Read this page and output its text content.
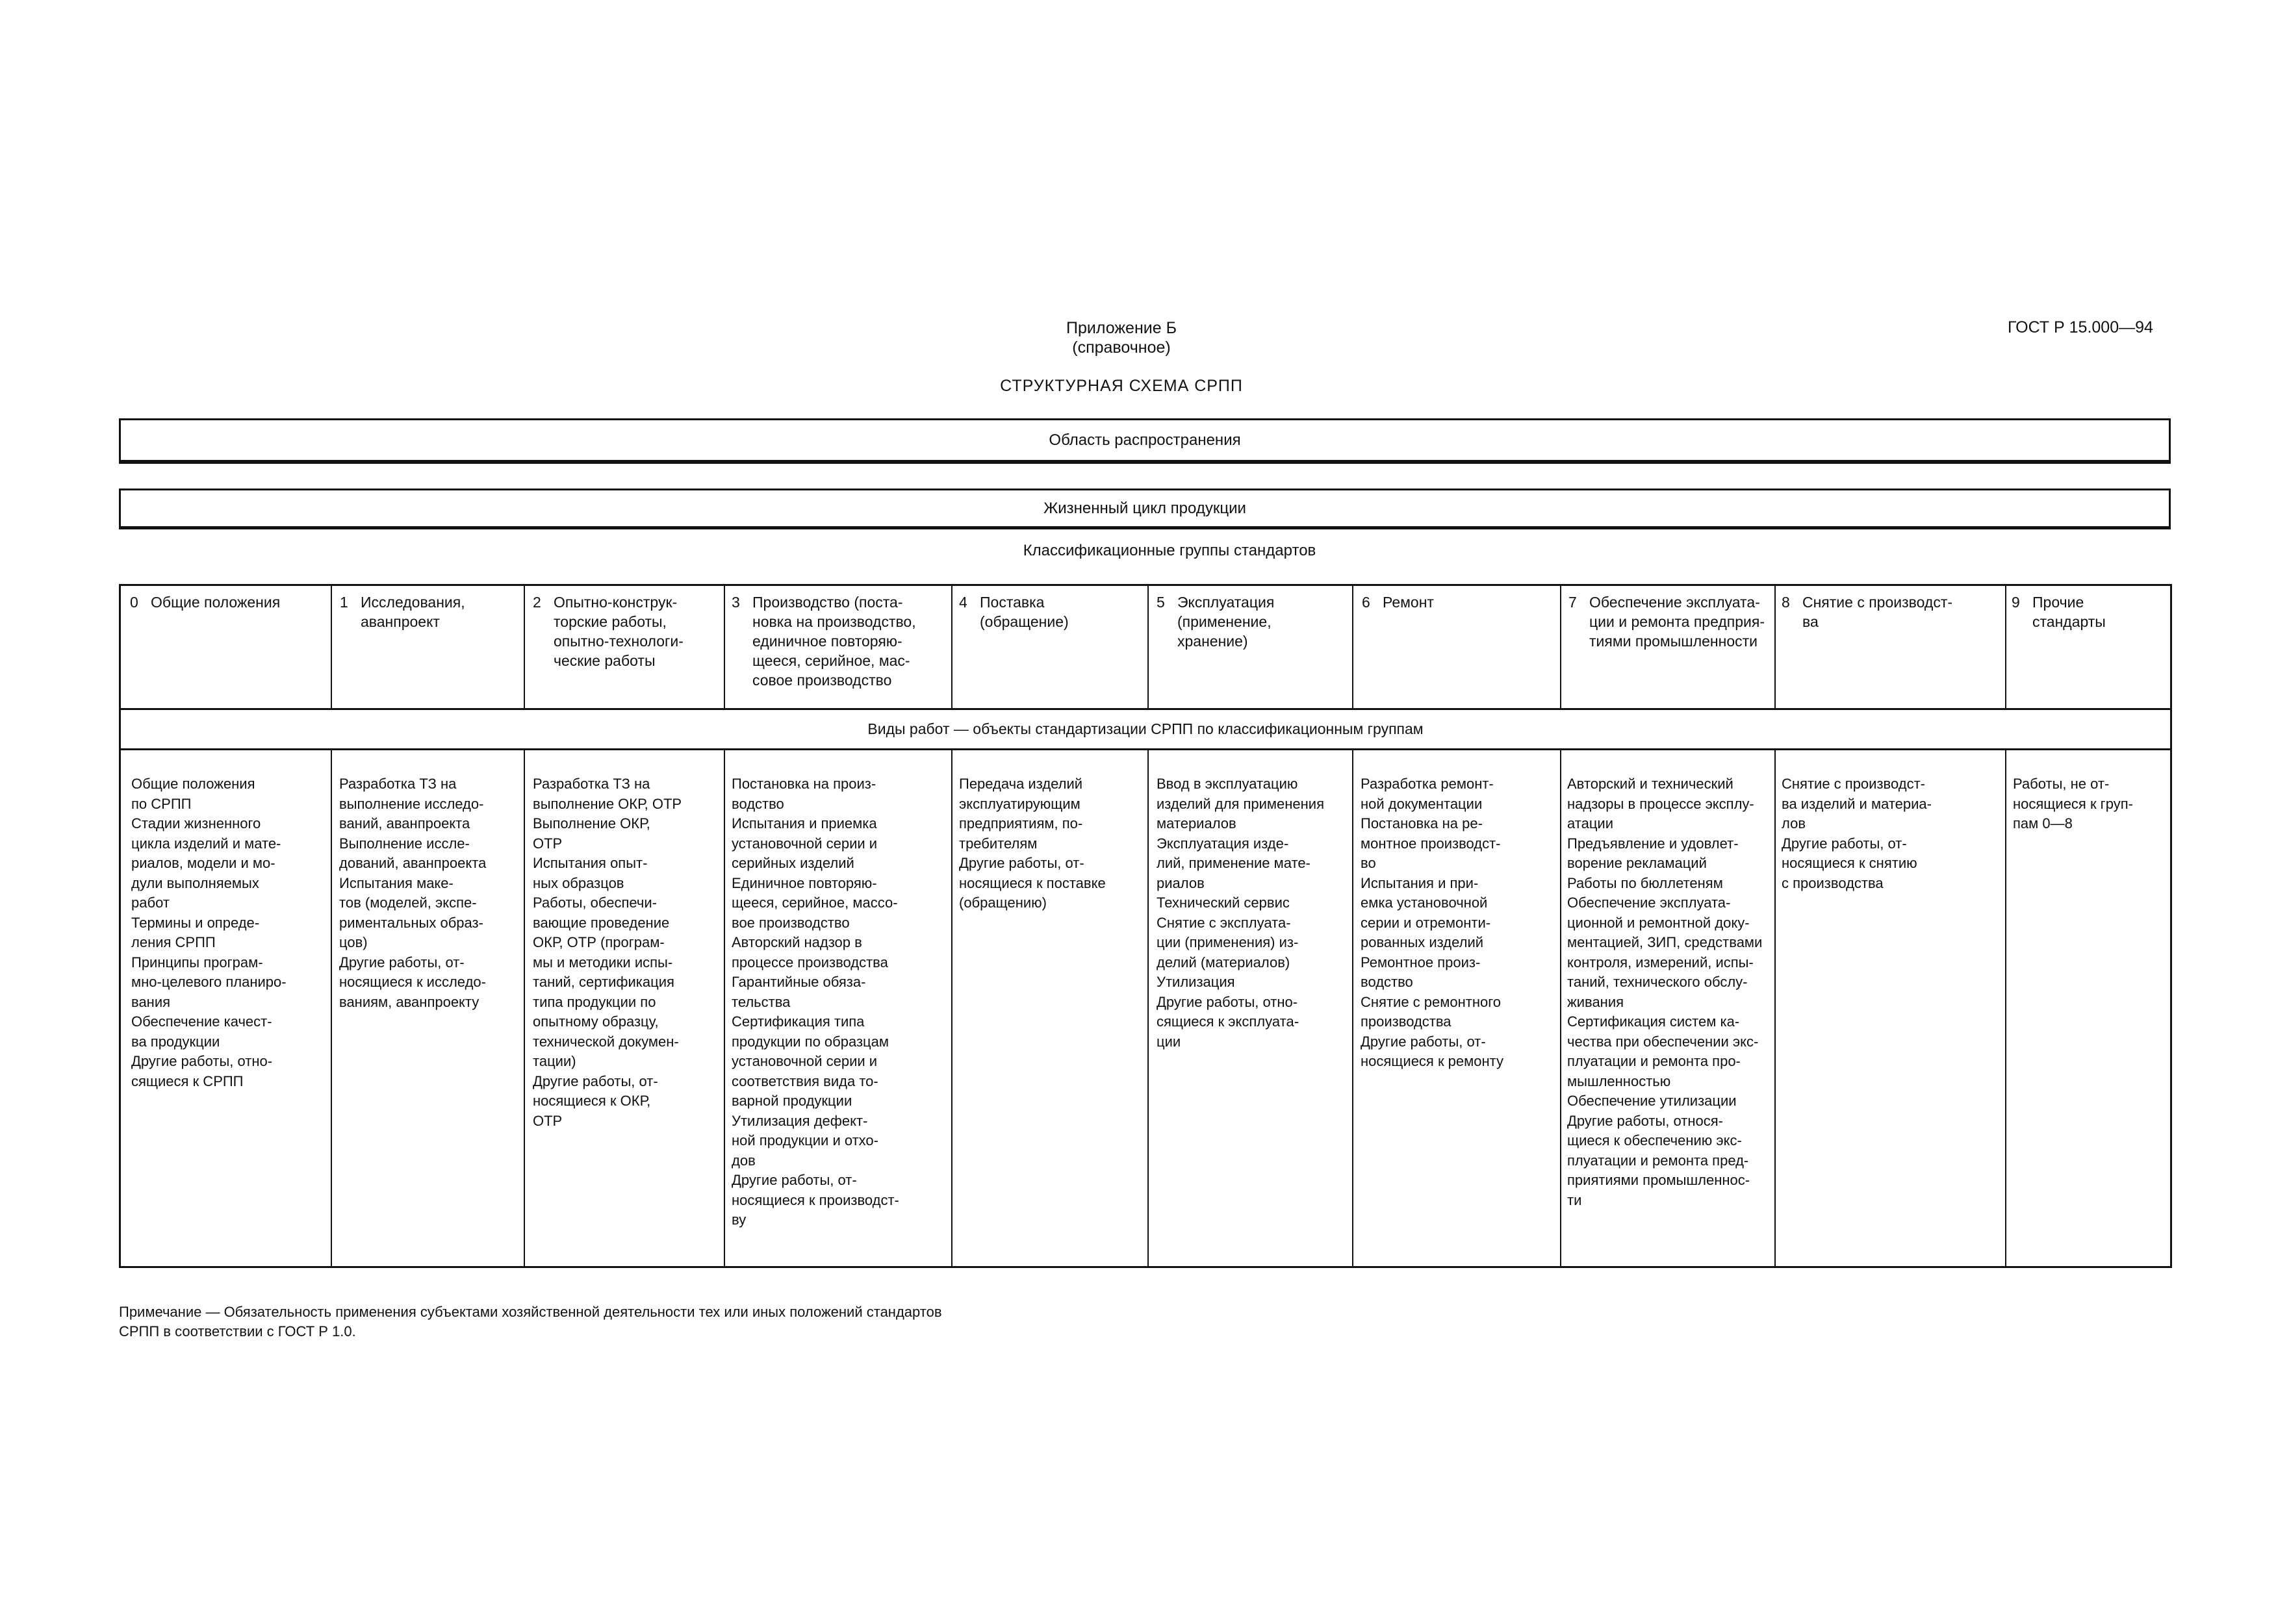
Приложение Б
(справочное)
ГОСТ Р 15.000—94
СТРУКТУРНАЯ СХЕМА СРПП
Область распространения
Жизненный цикл продукции
Классификационные группы стандартов
0 Общие положения	1 Исследования,
аванпроект
2 Опытно-конструк-
торские работы,
опытно-технологи-
ческие работы
3 Производство (поста-
новка на производство,
единичное повторяю-
щееся, серийное, мас-
совое производство
4 Поставка
(обращение)
5 Эксплуатация
(применение,
хранение)
6 Ремонт	7 Обеспечение эксплуата-
ции и ремонта предприя-
тиями промышленности
8 Снятие с производст-
ва
9 Прочие
стандарты
Виды работ — объекты стандартизации СРПП по классификационным группам
Общие положения
по СРПП
Стадии жизненного
цикла изделий и мате-
риалов, модели и мо-
дули выполняемых
работ
Термины и опреде-
ления СРПП
Принципы програм-
мно-целевого планиро-
вания
Обеспечение качест-
ва продукции
Другие работы, отно-
сящиеся к СРПП
Разработка ТЗ на
выполнение исследо-
ваний, аванпроекта
Выполнение иссле-
дований, аванпроекта
Испытания маке-
тов (моделей, экспе-
риментальных образ-
цов)
Другие работы, от-
носящиеся к исследо-
ваниям, аванпроекту
Разработка ТЗ на
выполнение ОКР, ОТР
Выполнение ОКР,
ОТР
Испытания опыт-
ных образцов
Работы, обеспечи-
вающие проведение
ОКР, ОТР (програм-
мы и методики испы-
таний, сертификация
типа продукции по
опытному образцу,
технической докумен-
тации)
Другие работы, от-
носящиеся к ОКР,
ОТР
Постановка на произ-
водство
Испытания и приемка
установочной серии и
серийных изделий
Единичное повторяю-
щееся, серийное, массо-
вое производство
Авторский надзор в
процессе производства
Гарантийные обяза-
тельства
Сертификация типа
продукции по образцам
установочной серии и
соответствия вида то-
варной продукции
Утилизация дефект-
ной продукции и отхо-
дов
Другие работы, от-
носящиеся к производст-
ву
Передача изделий
эксплуатирующим
предприятиям, по-
требителям
Другие работы, от-
носящиеся к поставке
(обращению)
Ввод в эксплуатацию
изделий для применения
материалов
Эксплуатация изде-
лий, применение мате-
риалов
Технический сервис
Снятие с эксплуата-
ции (применения) из-
делий (материалов)
Утилизация
Другие работы, отно-
сящиеся к эксплуата-
ции
Разработка ремонт-
ной документации
Постановка на ре-
монтное производст-
во
Испытания и при-
емка установочной
серии и отремонти-
рованных изделий
Ремонтное произ-
водство
Снятие с ремонтного
производства
Другие работы, от-
носящиеся к ремонту
Авторский и технический
надзоры в процессе эксплу-
атации
Предъявление и удовлет-
ворение рекламаций
Работы по бюллетеням
Обеспечение эксплуата-
ционной и ремонтной доку-
ментацией, ЗИП, средствами
контроля, измерений, испы-
таний, технического обслу-
живания
Сертификация систем ка-
чества при обеспечении экс-
плуатации и ремонта про-
мышленностью
Обеспечение утилизации
Другие работы, относя-
щиеся к обеспечению экс-
плуатации и ремонта пред-
приятиями промышленнос-
ти
Снятие с производст-
ва изделий и материа-
лов
Другие работы, от-
носящиеся к снятию
с производства
Работы, не от-
носящиеся к груп-
пам 0—8
Примечание — Обязательность применения субъектами хозяйственной деятельности тех или иных положений стандартов
СРПП в соответствии с ГОСТ Р 1.0.
